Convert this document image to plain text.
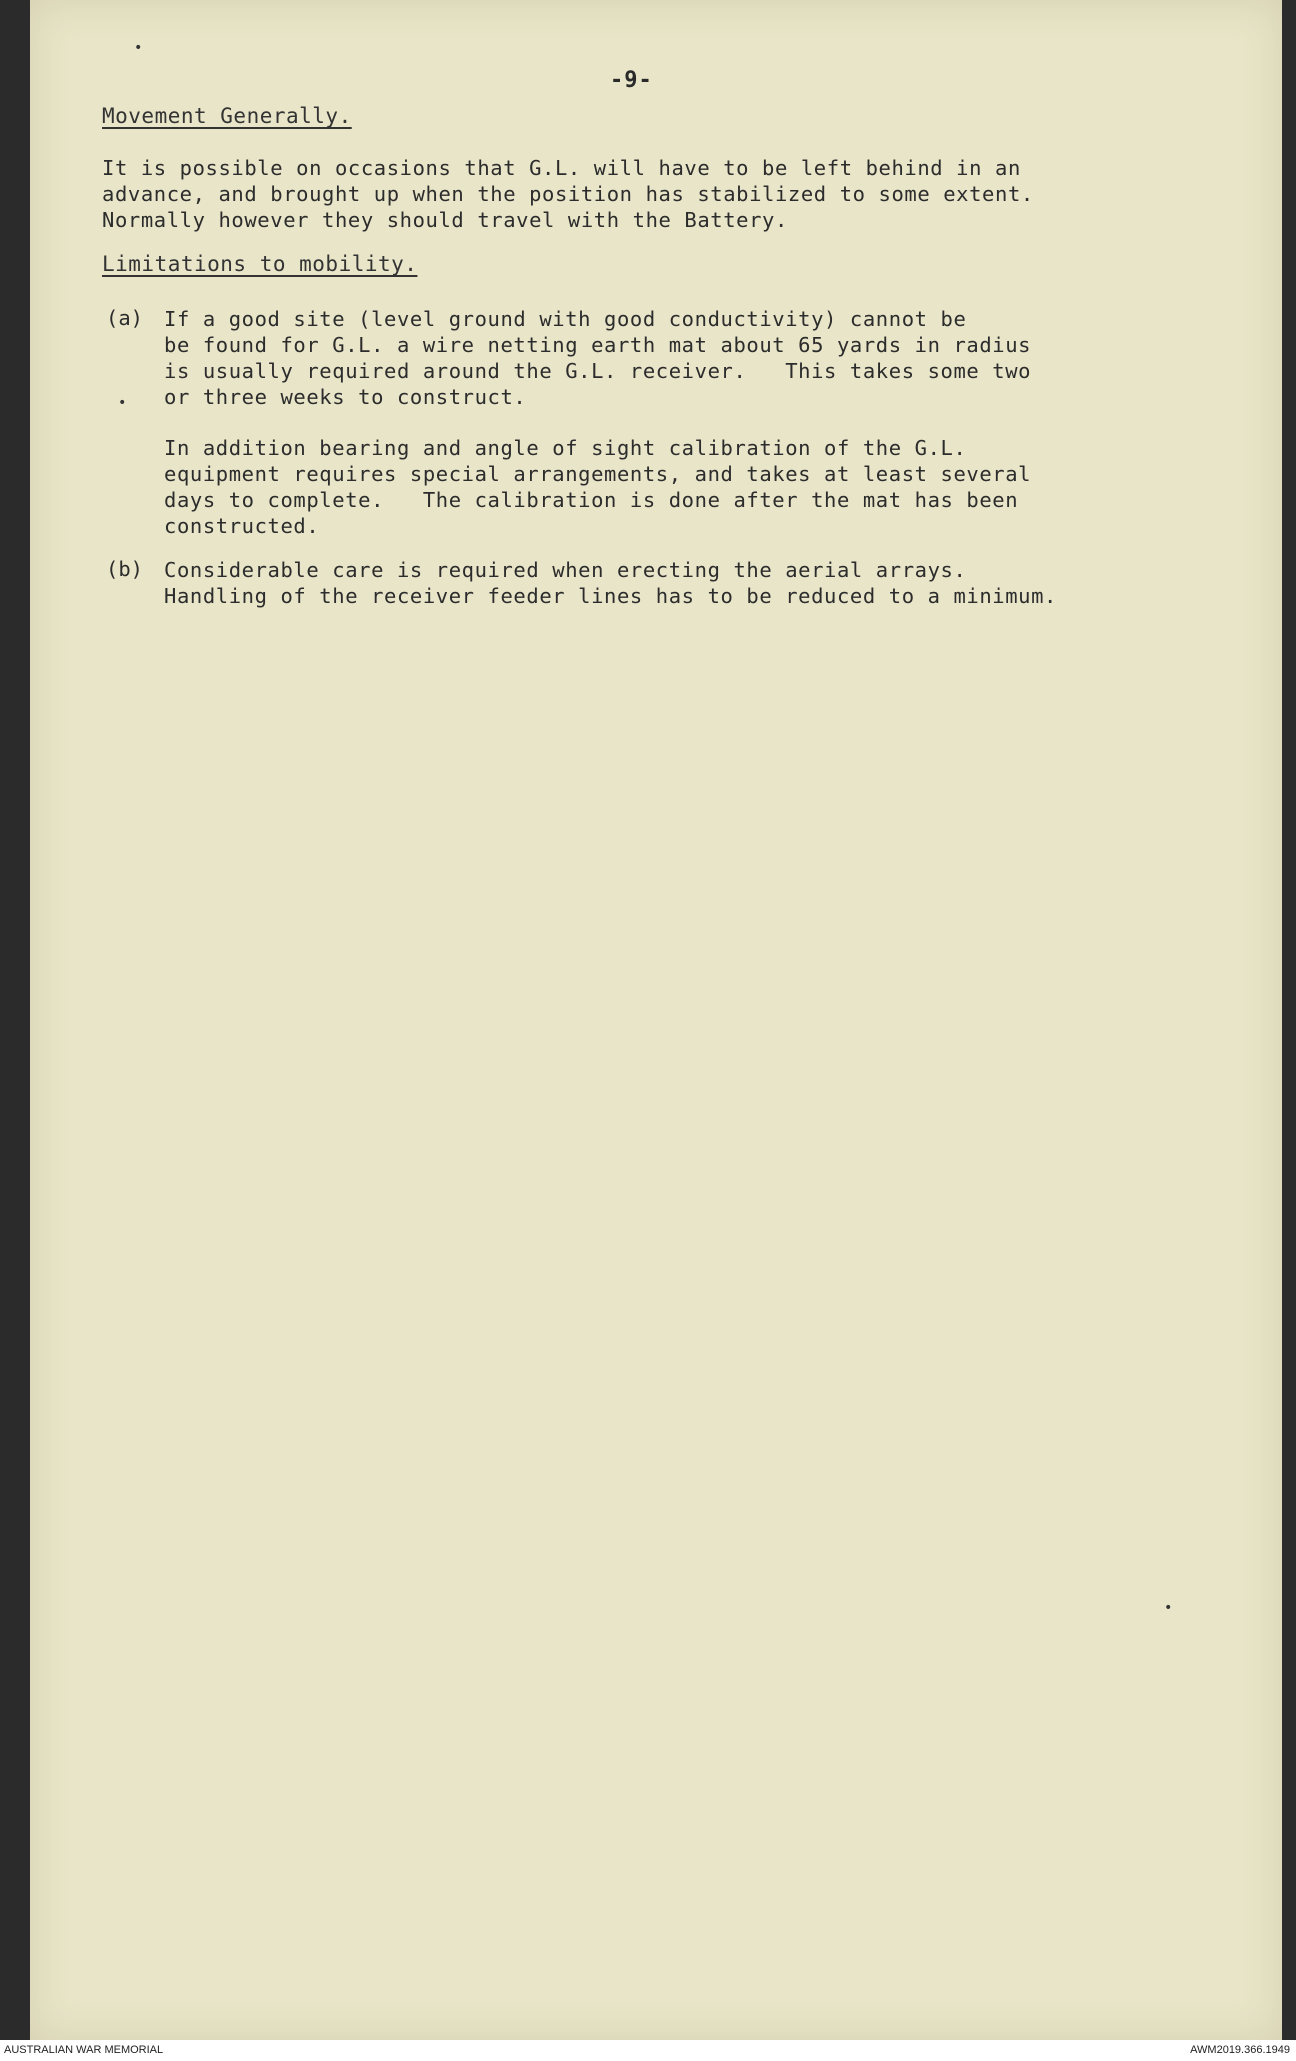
•
•
•
-9-
Movement Generally.
It is possible on occasions that G.L. will have to be left behind in an
advance, and brought up when the position has stabilized to some extent.
Normally however they should travel with the Battery.
Limitations to mobility.
(a) If a good site (level ground with good conductivity) cannot be
be found for G.L. a wire netting earth mat about 65 yards in radius
is usually required around the G.L. receiver.   This takes some two
or three weeks to construct.
In addition bearing and angle of sight calibration of the G.L.
equipment requires special arrangements, and takes at least several
days to complete.   The calibration is done after the mat has been
constructed.
(b) Considerable care is required when erecting the aerial arrays.
Handling of the receiver feeder lines has to be reduced to a minimum.
AUSTRALIAN WAR MEMORIAL	AWM2019.366.1949
